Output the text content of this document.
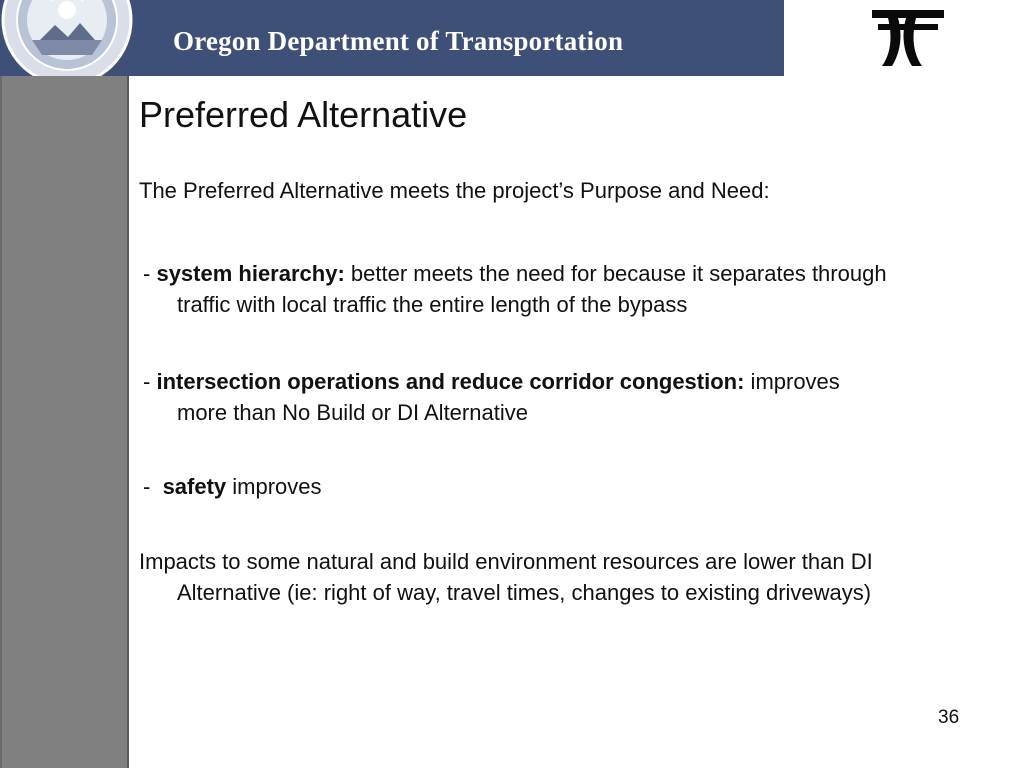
Oregon Department of Transportation
Preferred Alternative
The Preferred Alternative meets the project’s Purpose and Need:
- system hierarchy: better meets the need for because it separates through
traffic with local traffic the entire length of the bypass
- intersection operations and reduce corridor congestion: improves
more than No Build or DI Alternative
-  safety improves
Impacts to some natural and build environment resources are lower than DI
Alternative (ie: right of way, travel times, changes to existing driveways)
36
